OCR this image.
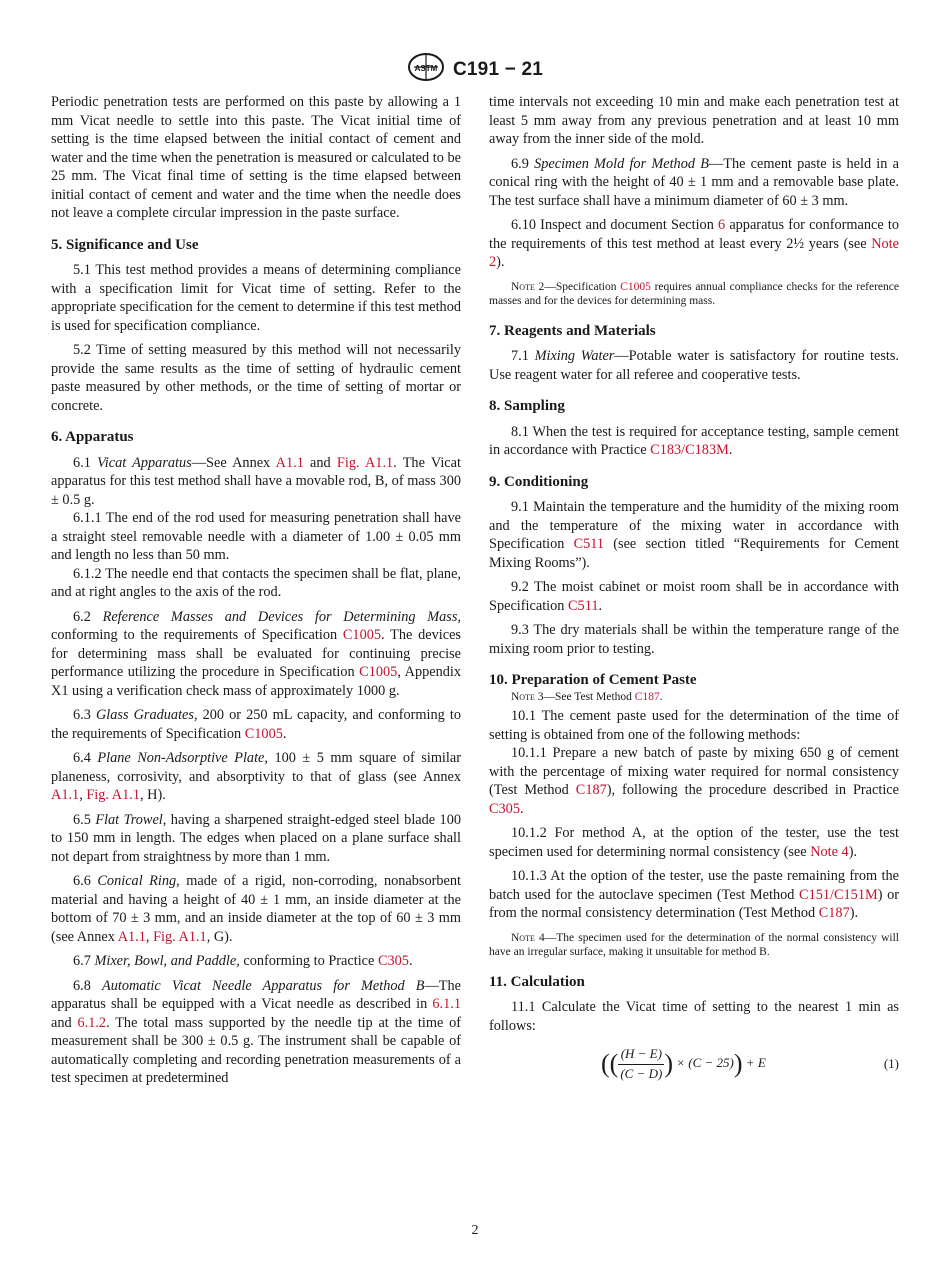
ASTM C191 − 21

Periodic penetration tests are performed on this paste by allowing a 1 mm Vicat needle to settle into this paste. The Vicat initial time of setting is the time elapsed between the initial contact of cement and water and the time when the penetration is measured or calculated to be 25 mm. The Vicat final time of setting is the time elapsed between initial contact of cement and water and the time when the needle does not leave a complete circular impression in the paste surface.

5. Significance and Use

5.1 This test method provides a means of determining compliance with a specification limit for Vicat time of setting. Refer to the appropriate specification for the cement to determine if this test method is used for specification compliance.

5.2 Time of setting measured by this method will not necessarily provide the same results as the time of setting of hydraulic cement paste measured by other methods, or the time of setting of mortar or concrete.

6. Apparatus

6.1 Vicat Apparatus—See Annex A1.1 and Fig. A1.1. The Vicat apparatus for this test method shall have a movable rod, B, of mass 300 ± 0.5 g.

6.1.1 The end of the rod used for measuring penetration shall have a straight steel removable needle with a diameter of 1.00 ± 0.05 mm and length no less than 50 mm.

6.1.2 The needle end that contacts the specimen shall be flat, plane, and at right angles to the axis of the rod.

6.2 Reference Masses and Devices for Determining Mass, conforming to the requirements of Specification C1005. The devices for determining mass shall be evaluated for continuing precise performance utilizing the procedure in Specification C1005, Appendix X1 using a verification check mass of approximately 1000 g.

6.3 Glass Graduates, 200 or 250 mL capacity, and conforming to the requirements of Specification C1005.

6.4 Plane Non-Adsorptive Plate, 100 ± 5 mm square of similar planeness, corrosivity, and absorptivity to that of glass (see Annex A1.1, Fig. A1.1, H).

6.5 Flat Trowel, having a sharpened straight-edged steel blade 100 to 150 mm in length. The edges when placed on a plane surface shall not depart from straightness by more than 1 mm.

6.6 Conical Ring, made of a rigid, non-corroding, nonabsorbent material and having a height of 40 ± 1 mm, an inside diameter at the bottom of 70 ± 3 mm, and an inside diameter at the top of 60 ± 3 mm (see Annex A1.1, Fig. A1.1, G).

6.7 Mixer, Bowl, and Paddle, conforming to Practice C305.

6.8 Automatic Vicat Needle Apparatus for Method B—The apparatus shall be equipped with a Vicat needle as described in 6.1.1 and 6.1.2. The total mass supported by the needle tip at the time of measurement shall be 300 ± 0.5 g. The instrument shall be capable of automatically completing and recording penetration measurements of a test specimen at predetermined

time intervals not exceeding 10 min and make each penetration test at least 5 mm away from any previous penetration and at least 10 mm away from the inner side of the mold.

6.9 Specimen Mold for Method B—The cement paste is held in a conical ring with the height of 40 ± 1 mm and a removable base plate. The test surface shall have a minimum diameter of 60 ± 3 mm.

6.10 Inspect and document Section 6 apparatus for conformance to the requirements of this test method at least every 2½ years (see Note 2).

Note 2—Specification C1005 requires annual compliance checks for the reference masses and for the devices for determining mass.

7. Reagents and Materials

7.1 Mixing Water—Potable water is satisfactory for routine tests. Use reagent water for all referee and cooperative tests.

8. Sampling

8.1 When the test is required for acceptance testing, sample cement in accordance with Practice C183/C183M.

9. Conditioning

9.1 Maintain the temperature and the humidity of the mixing room and the temperature of the mixing water in accordance with Specification C511 (see section titled “Requirements for Cement Mixing Rooms”).

9.2 The moist cabinet or moist room shall be in accordance with Specification C511.

9.3 The dry materials shall be within the temperature range of the mixing room prior to testing.

10. Preparation of Cement Paste

Note 3—See Test Method C187.

10.1 The cement paste used for the determination of the time of setting is obtained from one of the following methods:

10.1.1 Prepare a new batch of paste by mixing 650 g of cement with the percentage of mixing water required for normal consistency (Test Method C187), following the procedure described in Practice C305.

10.1.2 For method A, at the option of the tester, use the test specimen used for determining normal consistency (see Note 4).

10.1.3 At the option of the tester, use the paste remaining from the batch used for the autoclave specimen (Test Method C151/C151M) or from the normal consistency determination (Test Method C187).

Note 4—The specimen used for the determination of the normal consistency will have an irregular surface, making it unsuitable for method B.

11. Calculation

11.1 Calculate the Vicat time of setting to the nearest 1 min as follows:

(( $\frac{(H - E)}{(C - D)}$ ) × (C − 25)) + E	(1)
2
